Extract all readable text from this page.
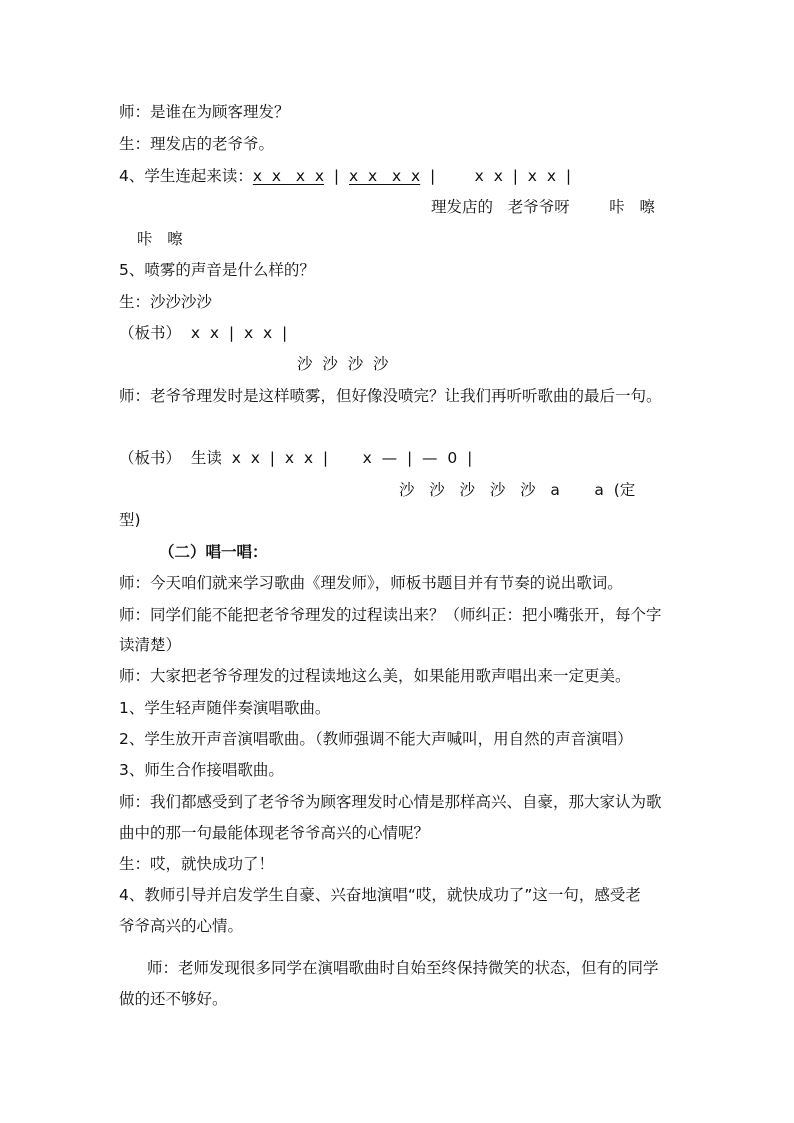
师：是谁在为顾客理发？
生：理发店的老爷爷。
4、学生连起来读：x  x   x  x  |  x  x   x  x  |        x  x  |  x  x  |
理发店的   老爷爷呀        咔   嚓
咔   嚓
5、喷雾的声音是什么样的？
生：沙沙沙沙
（板书）  x  x  |  x  x  |
沙  沙  沙  沙
师：老爷爷理发时是这样喷雾，但好像没喷完？让我们再听听歌曲的最后一句。
（板书）  生读  x  x  |  x  x  |       x  —  |  —  0  |
沙   沙   沙   沙   沙   a       a  (定
型)
（二）唱一唱：
师：今天咱们就来学习歌曲《理发师》，师板书题目并有节奏的说出歌词。
师：同学们能不能把老爷爷理发的过程读出来？（师纠正：把小嘴张开，每个字
读清楚）
师：大家把老爷爷理发的过程读地这么美，如果能用歌声唱出来一定更美。
1、学生轻声随伴奏演唱歌曲。
2、学生放开声音演唱歌曲。（教师强调不能大声喊叫，用自然的声音演唱）
3、师生合作接唱歌曲。
师：我们都感受到了老爷爷为顾客理发时心情是那样高兴、自豪，那大家认为歌
曲中的那一句最能体现老爷爷高兴的心情呢？
生：哎，就快成功了！
4、教师引导并启发学生自豪、兴奋地演唱“哎，就快成功了”这一句，感受老
爷爷高兴的心情。
师：老师发现很多同学在演唱歌曲时自始至终保持微笑的状态，但有的同学
做的还不够好。
